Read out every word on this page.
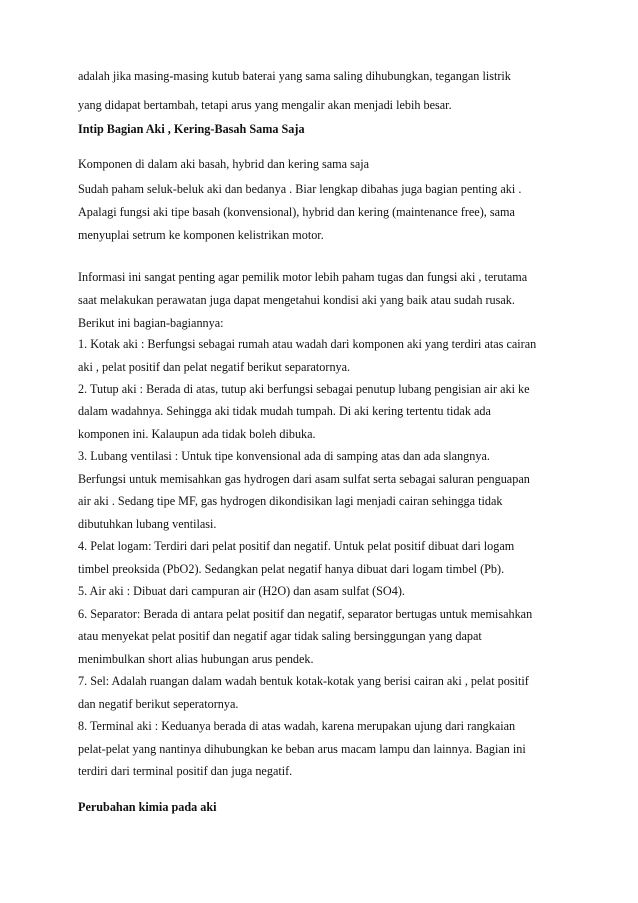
adalah jika masing-masing kutub baterai yang sama saling dihubungkan, tegangan listrik
yang didapat bertambah, tetapi arus yang mengalir akan menjadi lebih besar.
Intip Bagian Aki , Kering-Basah Sama Saja
Komponen di dalam aki basah, hybrid dan kering sama saja
Sudah paham seluk-beluk aki dan bedanya . Biar lengkap dibahas juga bagian penting aki .
Apalagi fungsi aki tipe basah (konvensional), hybrid dan kering (maintenance free), sama
menyuplai setrum ke komponen kelistrikan motor.
Informasi ini sangat penting agar pemilik motor lebih paham tugas dan fungsi aki , terutama
saat melakukan perawatan juga dapat mengetahui kondisi aki yang baik atau sudah rusak.
Berikut ini bagian-bagiannya:
1. Kotak aki : Berfungsi sebagai rumah atau wadah dari komponen aki yang terdiri atas cairan
aki , pelat positif dan pelat negatif berikut separatornya.
2. Tutup aki : Berada di atas, tutup aki berfungsi sebagai penutup lubang pengisian air aki ke
dalam wadahnya. Sehingga aki tidak mudah tumpah. Di aki kering tertentu tidak ada
komponen ini. Kalaupun ada tidak boleh dibuka.
3. Lubang ventilasi : Untuk tipe konvensional ada di samping atas dan ada slangnya.
Berfungsi untuk memisahkan gas hydrogen dari asam sulfat serta sebagai saluran penguapan
air aki . Sedang tipe MF, gas hydrogen dikondisikan lagi menjadi cairan sehingga tidak
dibutuhkan lubang ventilasi.
4. Pelat logam: Terdiri dari pelat positif dan negatif. Untuk pelat positif dibuat dari logam
timbel preoksida (PbO2). Sedangkan pelat negatif hanya dibuat dari logam timbel (Pb).
5. Air aki : Dibuat dari campuran air (H2O) dan asam sulfat (SO4).
6. Separator: Berada di antara pelat positif dan negatif, separator bertugas untuk memisahkan
atau menyekat pelat positif dan negatif agar tidak saling bersinggungan yang dapat
menimbulkan short alias hubungan arus pendek.
7. Sel: Adalah ruangan dalam wadah bentuk kotak-kotak yang berisi cairan aki , pelat positif
dan negatif berikut seperatornya.
8. Terminal aki : Keduanya berada di atas wadah, karena merupakan ujung dari rangkaian
pelat-pelat yang nantinya dihubungkan ke beban arus macam lampu dan lainnya. Bagian ini
terdiri dari terminal positif dan juga negatif.
Perubahan kimia pada aki
